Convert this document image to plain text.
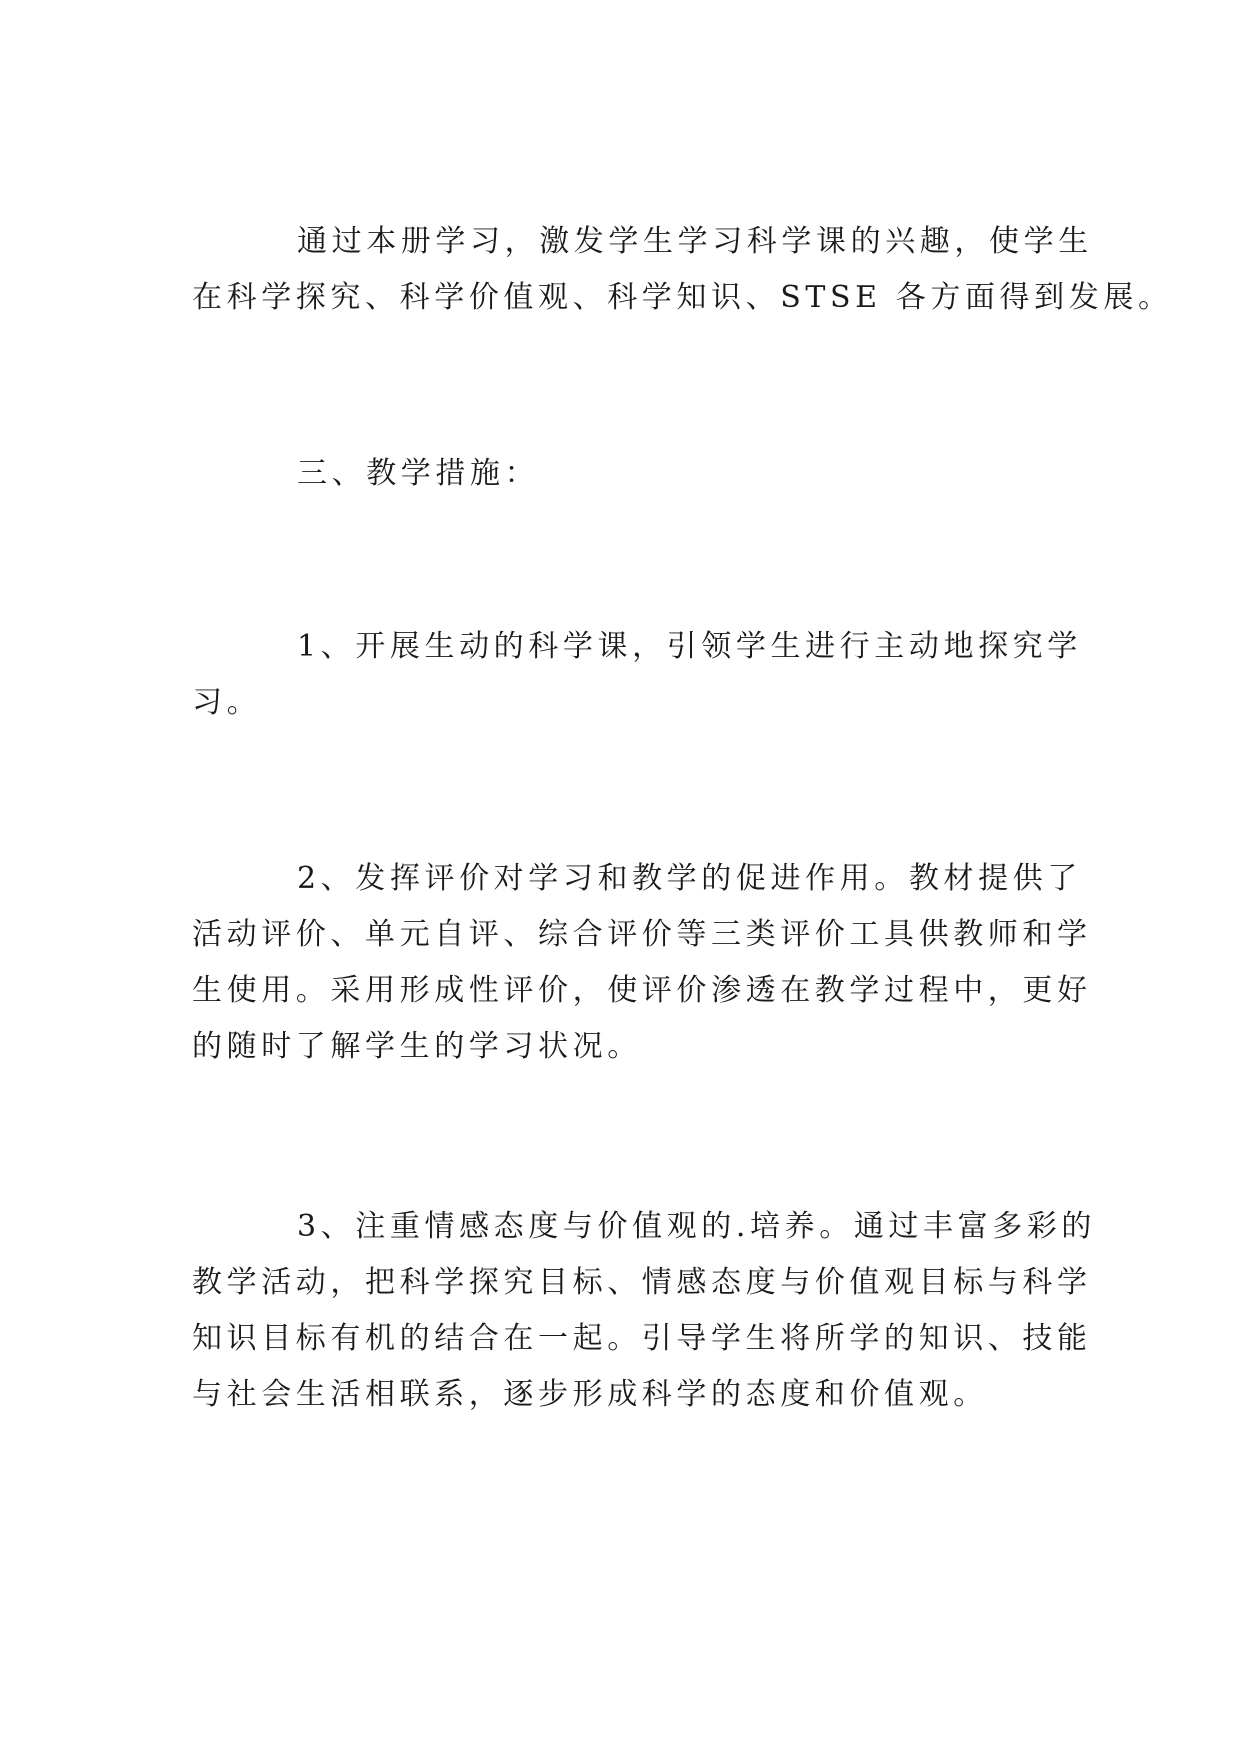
通过本册学习，激发学生学习科学课的兴趣，使学生
在科学探究、科学价值观、科学知识、STSE 各方面得到发展。
三、教学措施：
1、开展生动的科学课，引领学生进行主动地探究学
习。
2、发挥评价对学习和教学的促进作用。教材提供了
活动评价、单元自评、综合评价等三类评价工具供教师和学
生使用。采用形成性评价，使评价渗透在教学过程中，更好
的随时了解学生的学习状况。
3、注重情感态度与价值观的.培养。通过丰富多彩的
教学活动，把科学探究目标、情感态度与价值观目标与科学
知识目标有机的结合在一起。引导学生将所学的知识、技能
与社会生活相联系，逐步形成科学的态度和价值观。
